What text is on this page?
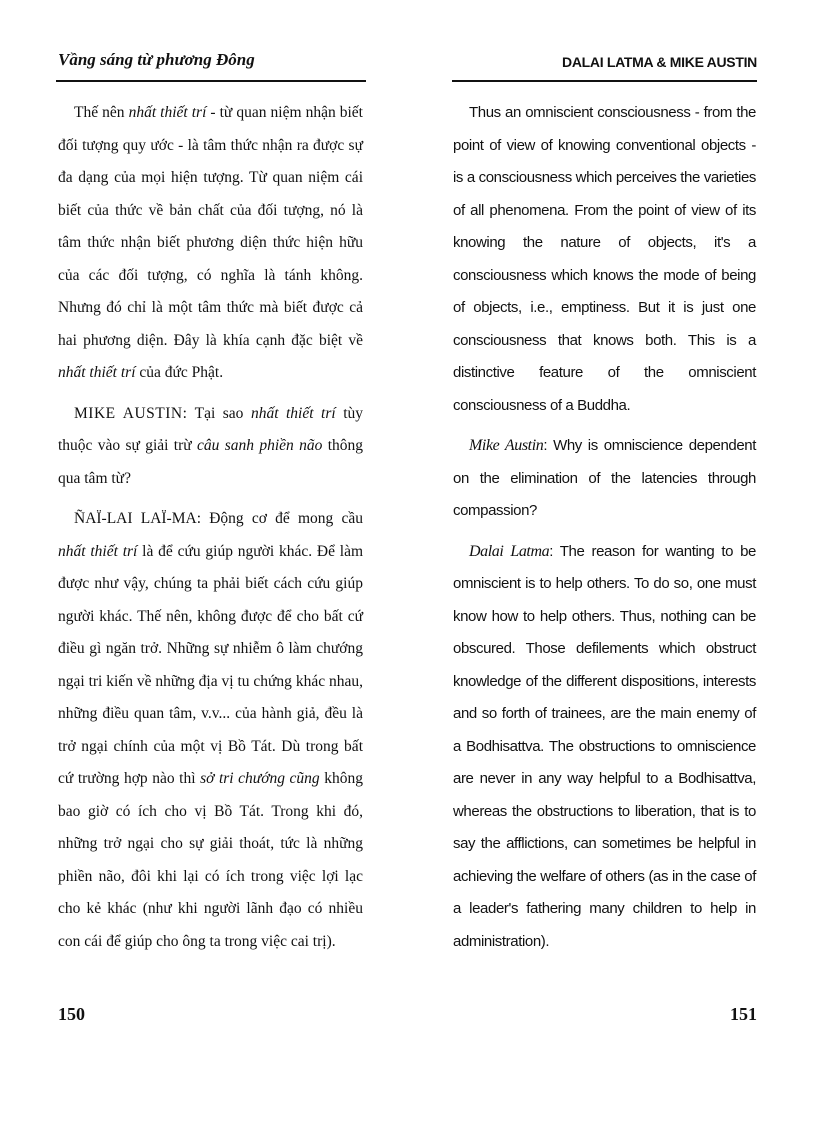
Vầng sáng từ phương Đông	DALAI LATMA & MIKE AUSTIN

Thế nên nhất thiết trí - từ quan niệm nhận biết đối tượng quy ước - là tâm thức nhận ra được sự đa dạng của mọi hiện tượng. Từ quan niệm cái biết của thức về bản chất của đối tượng, nó là tâm thức nhận biết phương diện thức hiện hữu của các đối tượng, có nghĩa là tánh không. Nhưng đó chỉ là một tâm thức mà biết được cả hai phương diện. Đây là khía cạnh đặc biệt về nhất thiết trí của đức Phật.

MIKE AUSTIN: Tại sao nhất thiết trí tùy thuộc vào sự giải trừ câu sanh phiền não thông qua tâm từ?

ÑAÏ-LAI LAÏ-MA: Động cơ để mong cầu nhất thiết trí là để cứu giúp người khác. Để làm được như vậy, chúng ta phải biết cách cứu giúp người khác. Thế nên, không được để cho bất cứ điều gì ngăn trở. Những sự nhiễm ô làm chướng ngại tri kiến về những địa vị tu chứng khác nhau, những điều quan tâm, v.v... của hành giả, đều là trở ngại chính của một vị Bồ Tát. Dù trong bất cứ trường hợp nào thì sở tri chướng cũng không bao giờ có ích cho vị Bồ Tát. Trong khi đó, những trở ngại cho sự giải thoát, tức là những phiền não, đôi khi lại có ích trong việc lợi lạc cho kẻ khác (như khi người lãnh đạo có nhiều con cái để giúp cho ông ta trong việc cai trị).

Thus an omniscient consciousness - from the point of view of knowing conventional objects - is a consciousness which perceives the varieties of all phenomena. From the point of view of its knowing the nature of objects, it's a consciousness which knows the mode of being of objects, i.e., emptiness. But it is just one consciousness that knows both. This is a distinctive feature of the omniscient consciousness of a Buddha.

Mike Austin: Why is omniscience dependent on the elimination of the latencies through compassion?

Dalai Latma: The reason for wanting to be omniscient is to help others. To do so, one must know how to help others. Thus, nothing can be obscured. Those defilements which obstruct knowledge of the different dispositions, interests and so forth of trainees, are the main enemy of a Bodhisattva. The obstructions to omniscience are never in any way helpful to a Bodhisattva, whereas the obstructions to liberation, that is to say the afflictions, can sometimes be helpful in achieving the welfare of others (as in the case of a leader's fathering many children to help in administration).

150	151
